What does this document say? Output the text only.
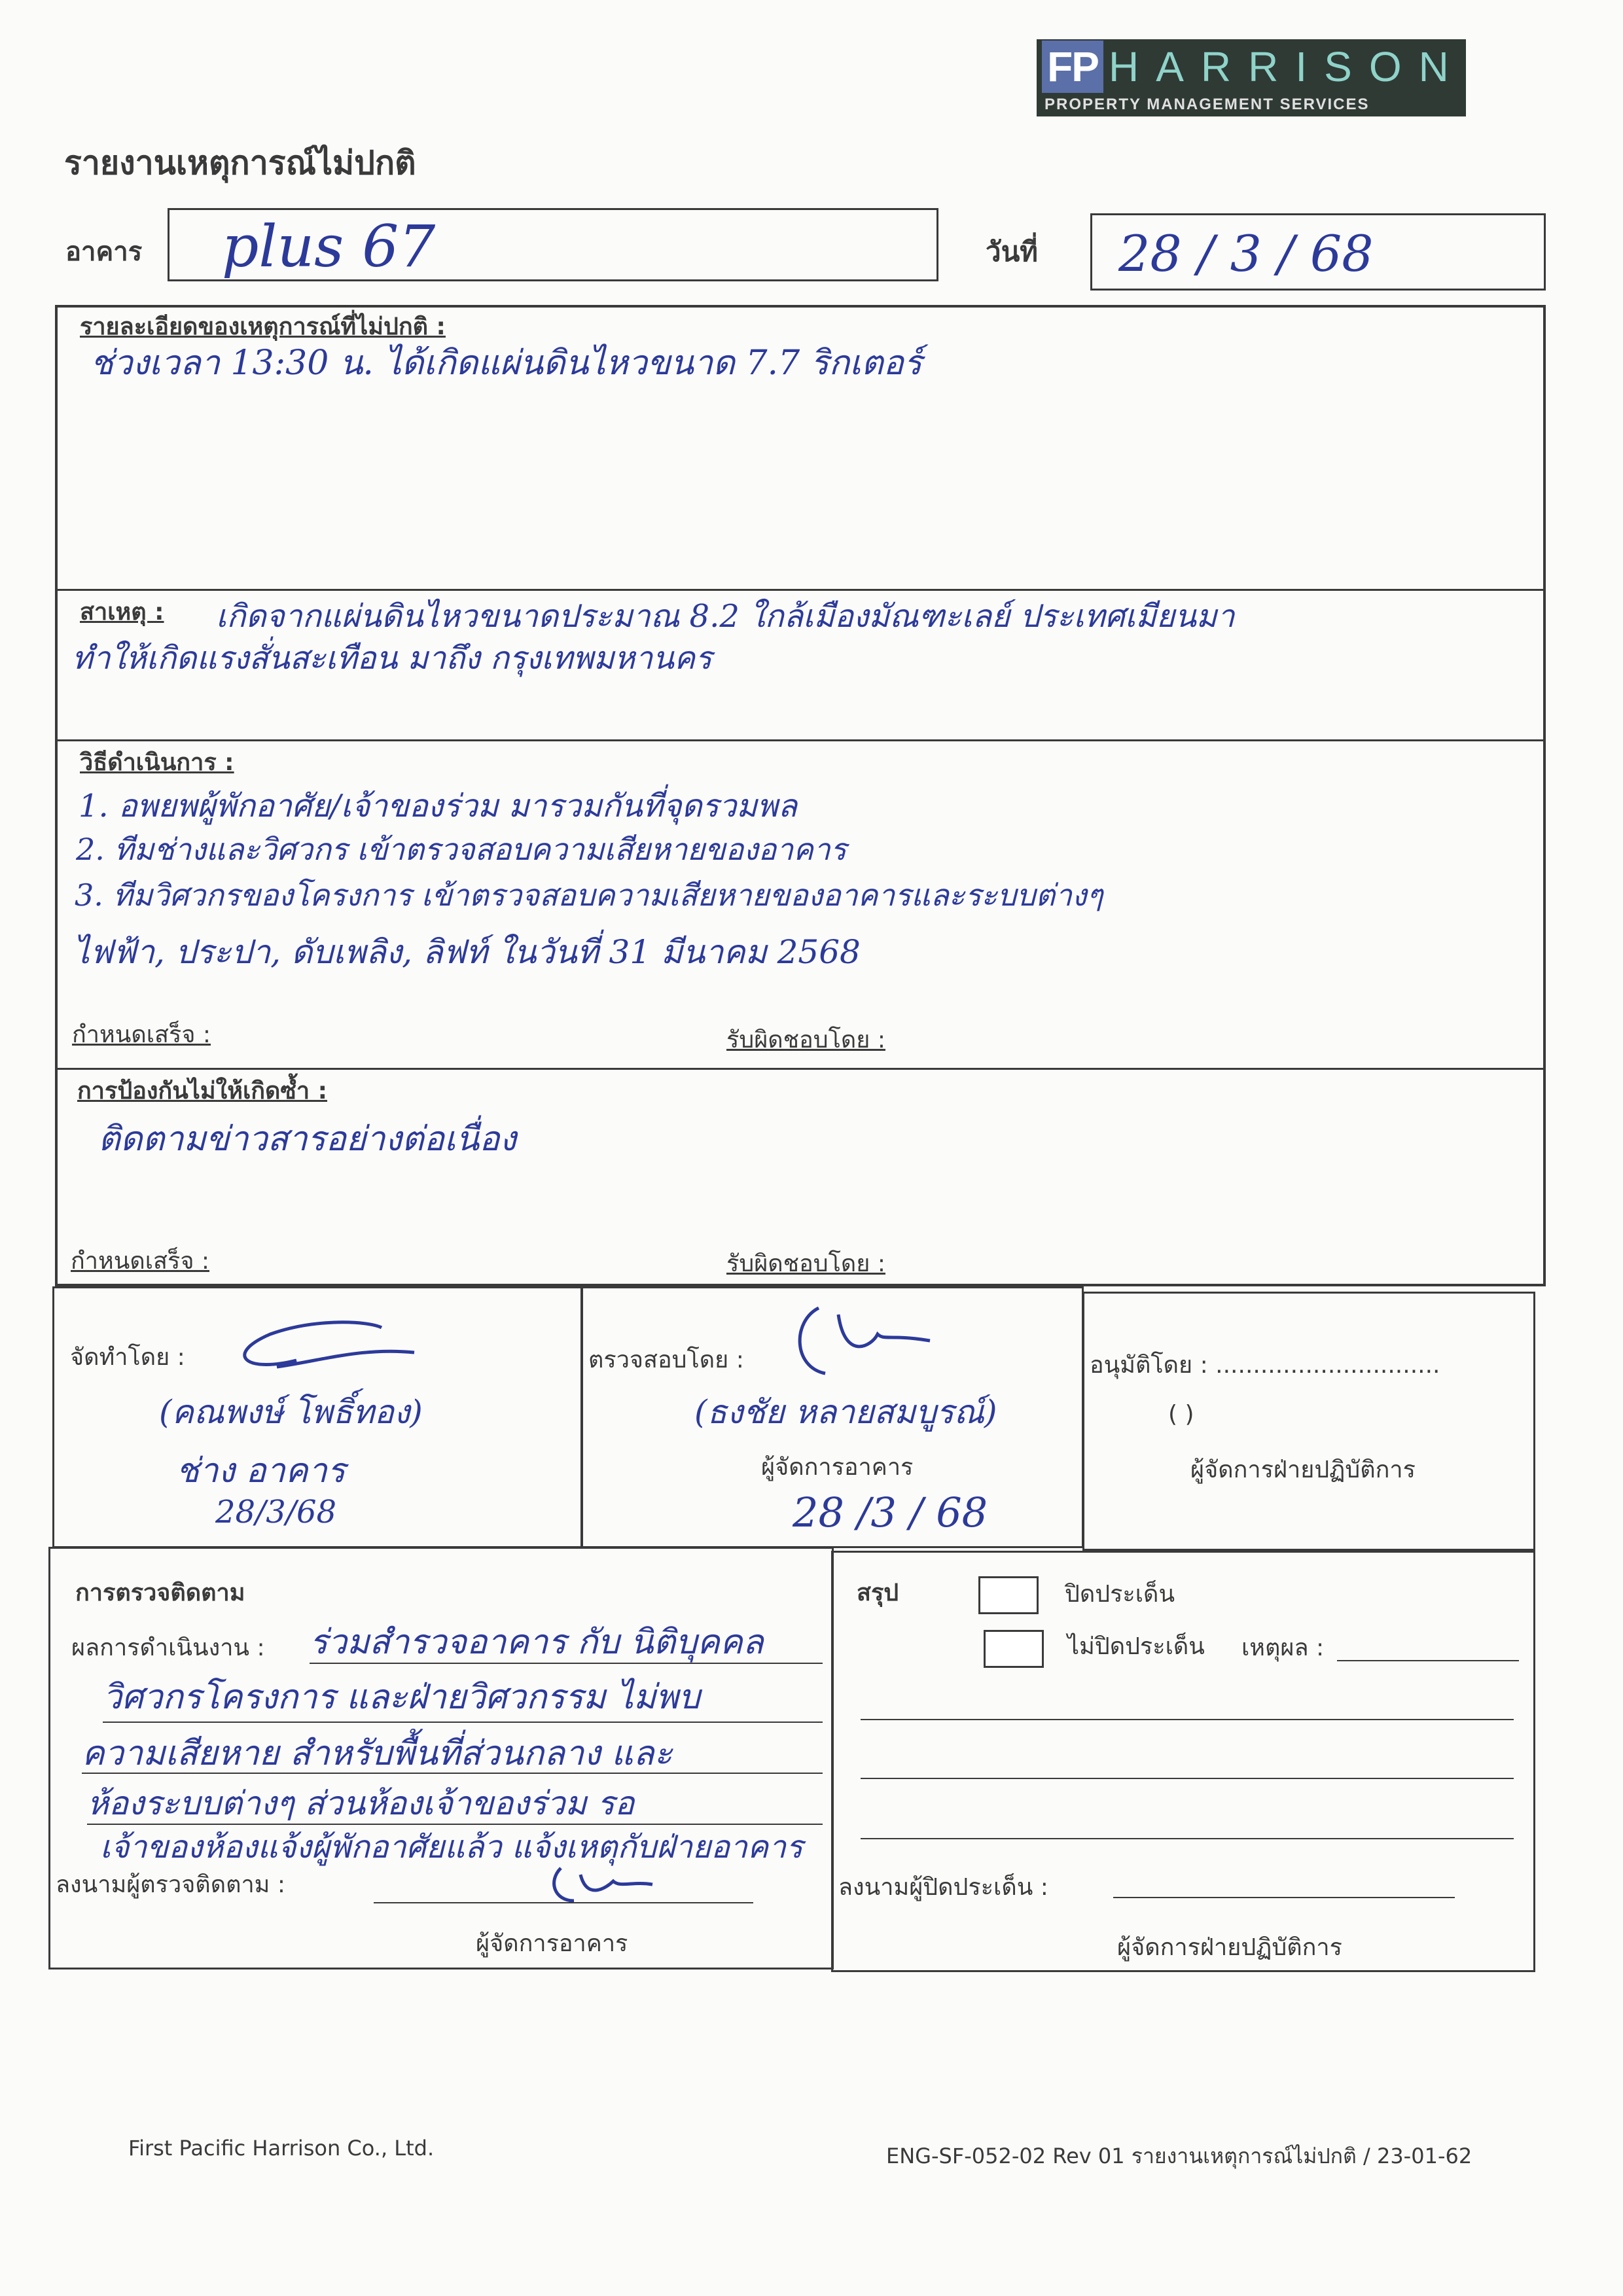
FP HARRISON
PROPERTY MANAGEMENT SERVICES
รายงานเหตุการณ์ไม่ปกติ
อาคาร plus 67	วันที่ 28 / 3 / 68
รายละเอียดของเหตุการณ์ที่ไม่ปกติ :
ช่วงเวลา 13:30 น. ได้เกิดแผ่นดินไหวขนาด 7.7 ริกเตอร์
สาเหตุ : เกิดจากแผ่นดินไหวขนาดประมาณ 8.2 ใกล้เมืองมัณฑะเลย์ ประเทศเมียนมา
ทำให้เกิดแรงสั่นสะเทือน มาถึง กรุงเทพมหานคร
วิธีดำเนินการ :
1. อพยพผู้พักอาศัย/เจ้าของร่วม มารวมกันที่จุดรวมพล
2. ทีมช่างและวิศวกร เข้าตรวจสอบความเสียหายของอาคาร
3. ทีมวิศวกรของโครงการ เข้าตรวจสอบความเสียหายของอาคารและระบบต่างๆ
ไฟฟ้า, ประปา, ดับเพลิง, ลิฟท์ ในวันที่ 31 มีนาคม 2568
กำหนดเสร็จ :	รับผิดชอบโดย :
การป้องกันไม่ให้เกิดซ้ำ :
ติดตามข่าวสารอย่างต่อเนื่อง
กำหนดเสร็จ :	รับผิดชอบโดย :
จัดทำโดย :
(คณพงษ์ โพธิ์ทอง)
ช่าง อาคาร
28/3/68
ตรวจสอบโดย :
(ธงชัย หลายสมบูรณ์)
ผู้จัดการอาคาร
28 /3 / 68
อนุมัติโดย : ..............................
( )
ผู้จัดการฝ่ายปฏิบัติการ
การตรวจติดตาม
ผลการดำเนินงาน : ร่วมสำรวจอาคาร กับ นิติบุคคล
วิศวกรโครงการ และฝ่ายวิศวกรรม ไม่พบ
ความเสียหาย สำหรับพื้นที่ส่วนกลาง และ
ห้องระบบต่างๆ ส่วนห้องเจ้าของร่วม รอ
เจ้าของห้องแจ้งผู้พักอาศัยแล้ว แจ้งเหตุกับฝ่ายอาคาร
ลงนามผู้ตรวจติดตาม :
ผู้จัดการอาคาร
สรุป	ปิดประเด็น
ไม่ปิดประเด็น เหตุผล :
ลงนามผู้ปิดประเด็น :
ผู้จัดการฝ่ายปฏิบัติการ
First Pacific Harrison Co., Ltd.	ENG-SF-052-02 Rev 01 รายงานเหตุการณ์ไม่ปกติ / 23-01-62
